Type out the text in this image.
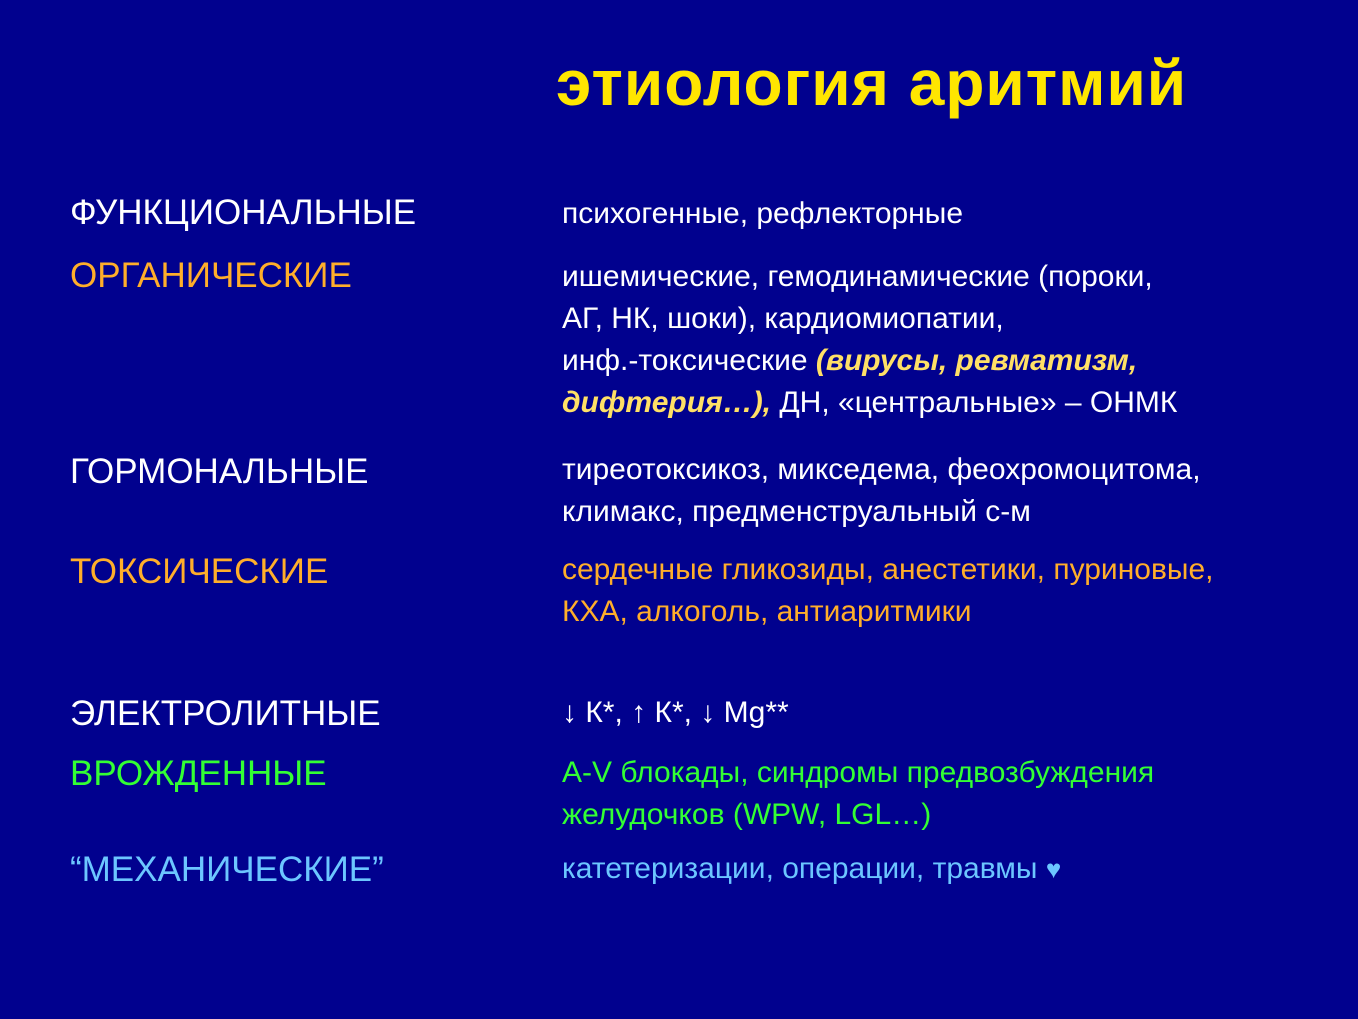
этиология аритмий
ФУНКЦИОНАЛЬНЫЕ	психогенные, рефлекторные
ОРГАНИЧЕСКИЕ	ишемические, гемодинамические (пороки,
АГ, НК, шоки), кардиомиопатии,
инф.-токсические (вирусы, ревматизм,
дифтерия…), ДН, «центральные» – ОНМК
ГОРМОНАЛЬНЫЕ	тиреотоксикоз, микседема, феохромоцитома,
климакс, предменструальный с-м
ТОКСИЧЕСКИЕ	сердечные гликозиды, анестетики, пуриновые,
КХА, алкоголь, антиаритмики
ЭЛЕКТРОЛИТНЫЕ	↓ К*, ↑ К*, ↓ Mg**
ВРОЖДЕННЫЕ	A-V блокады, синдромы предвозбуждения
желудочков (WPW, LGL…)
“МЕХАНИЧЕСКИЕ”	катетеризации, операции, травмы ♥
